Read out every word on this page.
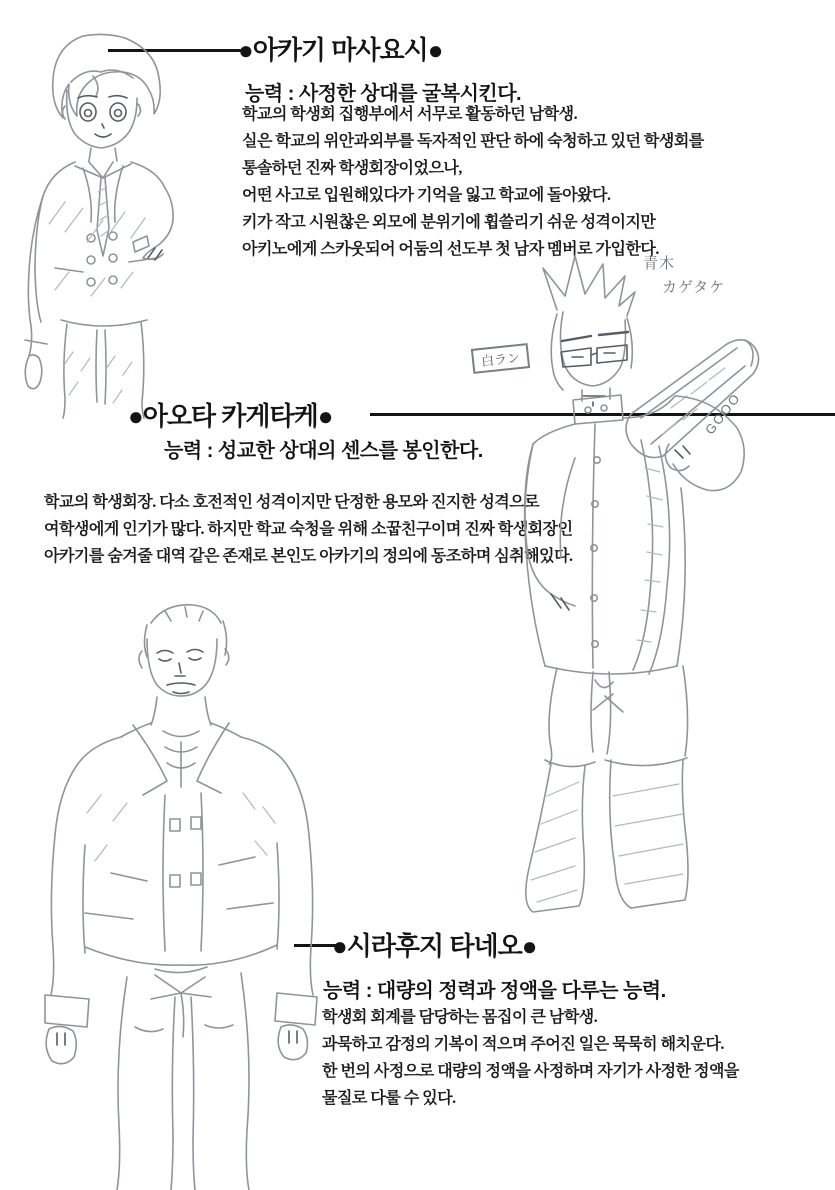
●아카기 마사요시●
능력 : 사정한 상대를 굴복시킨다.
학교의 학생회 집행부에서 서무로 활동하던 남학생.
실은 학교의 위안과외부를 독자적인 판단 하에 숙청하고 있던 학생회를
통솔하던 진짜 학생회장이었으나,
어떤 사고로 입원해있다가 기억을 잃고 학교에 돌아왔다.
키가 작고 시원찮은 외모에 분위기에 휩쓸리기 쉬운 성격이지만
아키노에게 스카웃되어 어둠의 선도부 첫 남자 멤버로 가입한다.
●아오타 카게타케●
능력 : 성교한 상대의 센스를 봉인한다.
학교의 학생회장. 다소 호전적인 성격이지만 단정한 용모와 진지한 성격으로
여학생에게 인기가 많다. 하지만 학교 숙청을 위해 소꿉친구이며 진짜 학생회장인
아카기를 숨겨줄 대역 같은 존재로 본인도 아카기의 정의에 동조하며 심취해있다.
青木
カゲタケ
白ラン
GOOO
●시라후지 타네오●
능력 : 대량의 정력과 정액을 다루는 능력.
학생회 회계를 담당하는 몸집이 큰 남학생.
과묵하고 감정의 기복이 적으며 주어진 일은 묵묵히 해치운다.
한 번의 사정으로 대량의 정액을 사정하며 자기가 사정한 정액을
물질로 다룰 수 있다.
